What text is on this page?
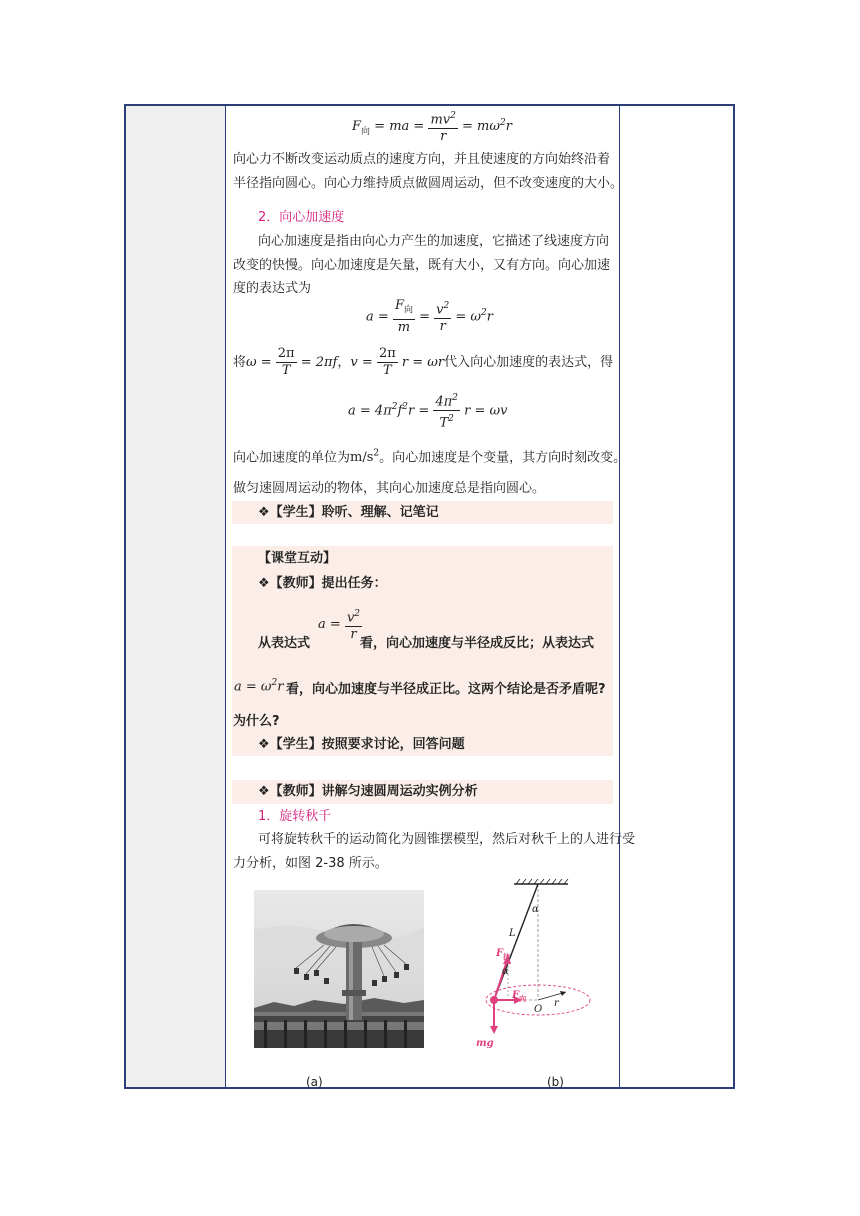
$F_向$ = ma = $\frac{mv^2}{r} = m\omega^2r$
向心力不断改变运动质点的速度方向，并且使速度的方向始终沿着
半径指向圆心。向心力维持质点做圆周运动，但不改变速度的大小。
2．向心加速度
向心加速度是指由向心力产生的加速度，它描述了线速度方向
改变的快慢。向心加速度是矢量，既有大小，又有方向。向心加速
度的表达式为
$a = \frac{F_向}{m} = \frac{v^2}{r} = \omega^2r$
将$\omega = \frac{2\pi}{T} = 2\pi f$，$v = \frac{2\pi}{T}$ r = ωr代入向心加速度的表达式，得
$a = 4\pi^2f^2r = \frac{4\pi^2}{T^2}$ r = ωv
向心加速度的单位为$m/s^2$。向心加速度是个变量，其方向时刻改变。
做匀速圆周运动的物体，其向心加速度总是指向圆心。
❖【学生】聆听、理解、记笔记
【课堂互动】
❖【教师】提出任务：
$a = \frac{v^2}{r}$
从表达式	看，向心加速度与半径成反比；从表达式
$a = \omega^2r$ 看，向心加速度与半径成正比。这两个结论是否矛盾呢?
为什么?
❖【学生】按照要求讨论，回答问题
❖【教师】讲解匀速圆周运动实例分析
1．旋转秋千
可将旋转秋千的运动简化为圆锥摆模型，然后对秋千上的人进行受
力分析，如图 2-38 所示。
α
L
$F_拉$
α
$F_向$	r
O
mg
(a)	(b)
